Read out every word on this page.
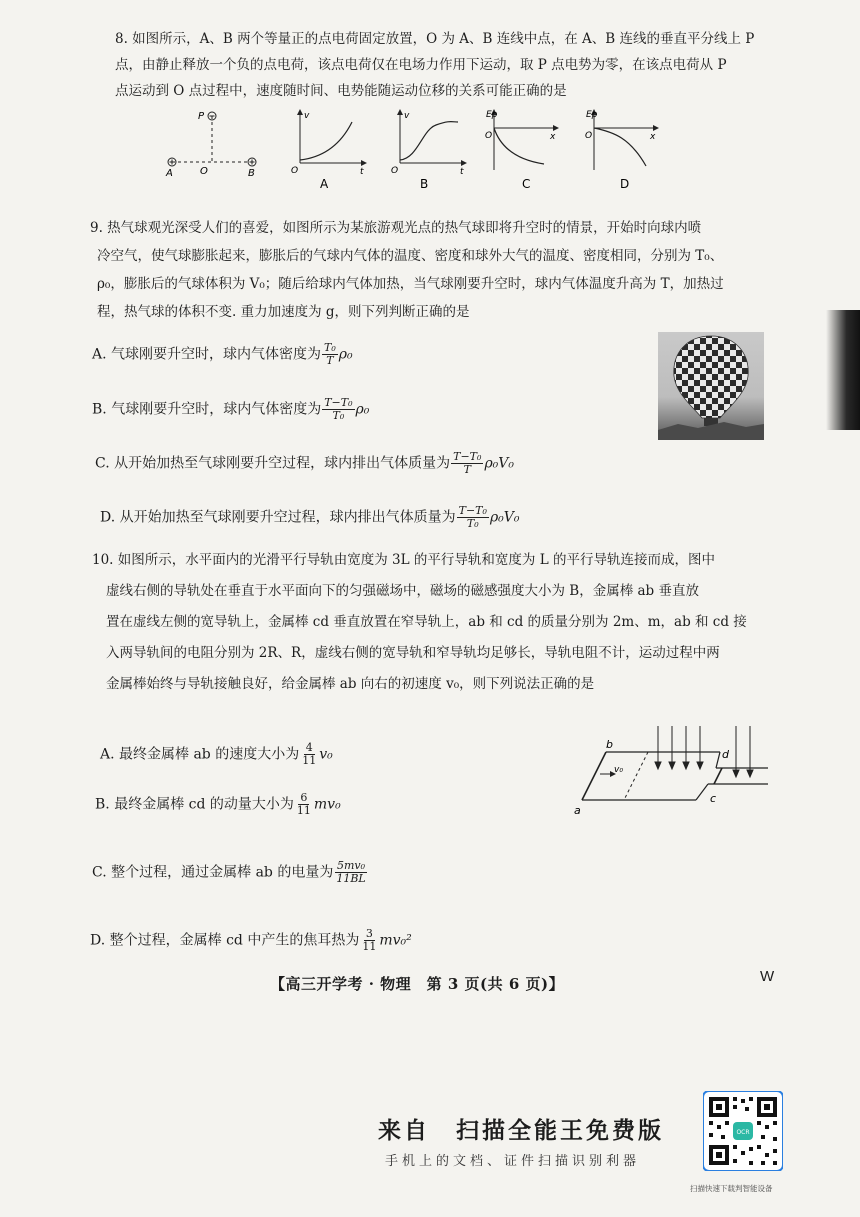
8. 如图所示，A、B 两个等量正的点电荷固定放置，O 为 A、B 连线中点，在 A、B 连线的垂直平分线上 P

点，由静止释放一个负的点电荷，该点电荷仅在电场力作用下运动，取 P 点电势为零，在该点电荷从 P

点运动到 O 点过程中，速度随时间、电势能随运动位移的关系可能正确的是

P
A	O	B
v
t
O
A
v
t
O
B
Ep
x
O
C
Ep
x
O
D

9. 热气球观光深受人们的喜爱，如图所示为某旅游观光点的热气球即将升空时的情景，开始时向球内喷

冷空气，使气球膨胀起来，膨胀后的气球内气体的温度、密度和球外大气的温度、密度相同，分别为 T₀、

ρ₀，膨胀后的气球体积为 V₀；随后给球内气体加热，当气球刚要升空时，球内气体温度升高为 T，加热过

程，热气球的体积不变. 重力加速度为 g，则下列判断正确的是

A. 气球刚要升空时，球内气体密度为 $\frac{\text{T₀}}{T} \rho_0$
B. 气球刚要升空时，球内气体密度为 $\frac{\text{T−T₀}}{\text{T₀}} \rho_0$
C. 从开始加热至气球刚要升空过程，球内排出气体质量为 $\frac{\text{T−T₀}}{T} \rho_0V_0$
D. 从开始加热至气球刚要升空过程，球内排出气体质量为 $\frac{\text{T−T₀}}{\text{T₀}} \rho_0V_0$

10. 如图所示，水平面内的光滑平行导轨由宽度为 3L 的平行导轨和宽度为 L 的平行导轨连接而成，图中

虚线右侧的导轨处在垂直于水平面向下的匀强磁场中，磁场的磁感强度大小为 B，金属棒 ab 垂直放

置在虚线左侧的宽导轨上，金属棒 cd 垂直放置在窄导轨上，ab 和 cd 的质量分别为 2m、m，ab 和 cd 接

入两导轨间的电阻分别为 2R、R，虚线右侧的宽导轨和窄导轨均足够长，导轨电阻不计，运动过程中两

金属棒始终与导轨接触良好，给金属棒 ab 向右的初速度 v₀，则下列说法正确的是

A. 最终金属棒 ab 的速度大小为 $\frac{4}{11} v_0$
B. 最终金属棒 cd 的动量大小为 $\frac{6}{11} mv_0$
C. 整个过程，通过金属棒 ab 的电量为 $\frac{\text{5mv₀}}{11BL}$
D. 整个过程，金属棒 cd 中产生的焦耳热为 $\frac{3}{11} mv_0^2$
v₀
b
a
d
c
【高三开学考 · 物理　第 3 页(共 6 页)】	W
来自　扫描全能王免费版
手机上的文档、证件扫描识别利器
OCR
扫描快速下载判智能设备
